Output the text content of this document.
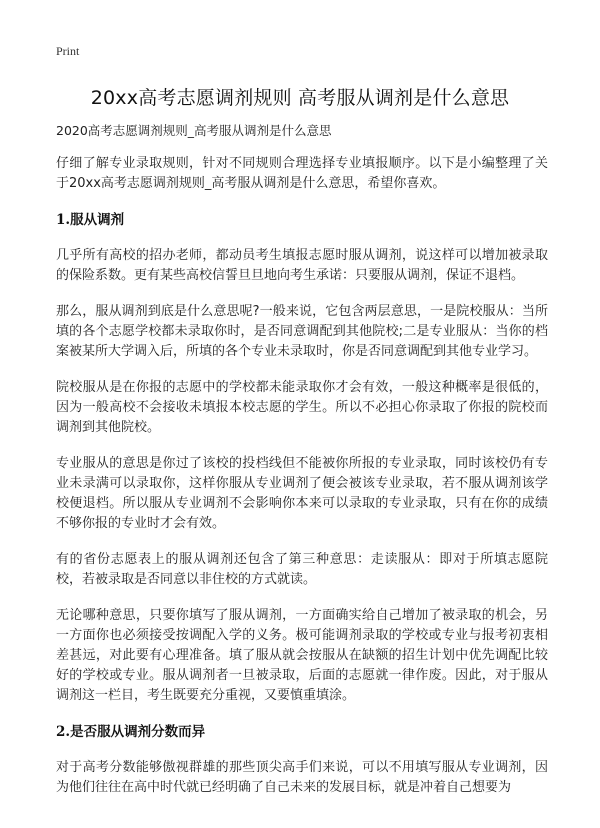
Print
20xx高考志愿调剂规则 高考服从调剂是什么意思
2020高考志愿调剂规则_高考服从调剂是什么意思

仔细了解专业录取规则，针对不同规则合理选择专业填报顺序。以下是小编整理了关于20xx高考志愿调剂规则_高考服从调剂是什么意思，希望你喜欢。

1.服从调剂

几乎所有高校的招办老师，都动员考生填报志愿时服从调剂，说这样可以增加被录取的保险系数。更有某些高校信誓旦旦地向考生承诺：只要服从调剂，保证不退档。

那么，服从调剂到底是什么意思呢?一般来说，它包含两层意思，一是院校服从：当所填的各个志愿学校都未录取你时，是否同意调配到其他院校;二是专业服从：当你的档案被某所大学调入后，所填的各个专业未录取时，你是否同意调配到其他专业学习。

院校服从是在你报的志愿中的学校都未能录取你才会有效，一般这种概率是很低的，因为一般高校不会接收未填报本校志愿的学生。所以不必担心你录取了你报的院校而调剂到其他院校。

专业服从的意思是你过了该校的投档线但不能被你所报的专业录取，同时该校仍有专业未录满可以录取你，这样你服从专业调剂了便会被该专业录取，若不服从调剂该学校便退档。所以服从专业调剂不会影响你本来可以录取的专业录取，只有在你的成绩不够你报的专业时才会有效。

有的省份志愿表上的服从调剂还包含了第三种意思：走读服从：即对于所填志愿院校，若被录取是否同意以非住校的方式就读。

无论哪种意思，只要你填写了服从调剂，一方面确实给自己增加了被录取的机会，另一方面你也必须接受按调配入学的义务。极可能调剂录取的学校或专业与报考初衷相差甚远，对此要有心理准备。填了服从就会按服从在缺额的招生计划中优先调配比较好的学校或专业。服从调剂者一旦被录取，后面的志愿就一律作废。因此，对于服从调剂这一栏目，考生既要充分重视，又要慎重填涂。

2.是否服从调剂分数而异

对于高考分数能够傲视群雄的那些顶尖高手们来说，可以不用填写服从专业调剂，因为他们往往在高中时代就已经明确了自己未来的发展目标，就是冲着自己想要为
